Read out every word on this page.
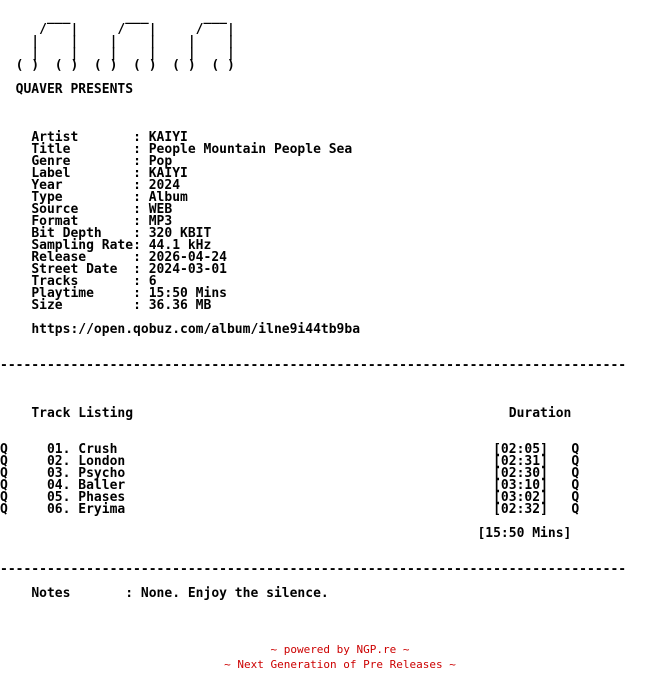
___       ___       ___
/   |     /   |     /   |
|    |    |    |    |    |
|    |    |    |    |    |
( )  ( )  ( )  ( )  ( )  ( )

QUAVER PRESENTS

Artist       : KAIYI
Title        : People Mountain People Sea
Genre        : Pop
Label        : KAIYI
Year         : 2024
Type         : Album
Source       : WEB
Format       : MP3
Bit Depth    : 320 KBIT
Sampling Rate: 44.1 kHz
Release      : 2026-04-24
Street Date  : 2024-03-01
Tracks       : 6
Playtime     : 15:50 Mins
Size         : 36.36 MB

https://open.qobuz.com/album/ilne9i44tb9ba

--------------------------------------------------------------------------------

Track Listing                                                Duration

Q	01. Crush                                                [02:05] Q
Q	02. London                                               [02:31] Q
Q	03. Psycho                                               [02:30] Q
Q	04. Baller                                               [03:10] Q
Q	05. Phases                                               [03:02] Q
Q	06. Eryima                                               [02:32] Q

[15:50 Mins]

--------------------------------------------------------------------------------

Notes       : None. Enjoy the silence.
~ powered by NGP.re ~
~ Next Generation of Pre Releases ~
